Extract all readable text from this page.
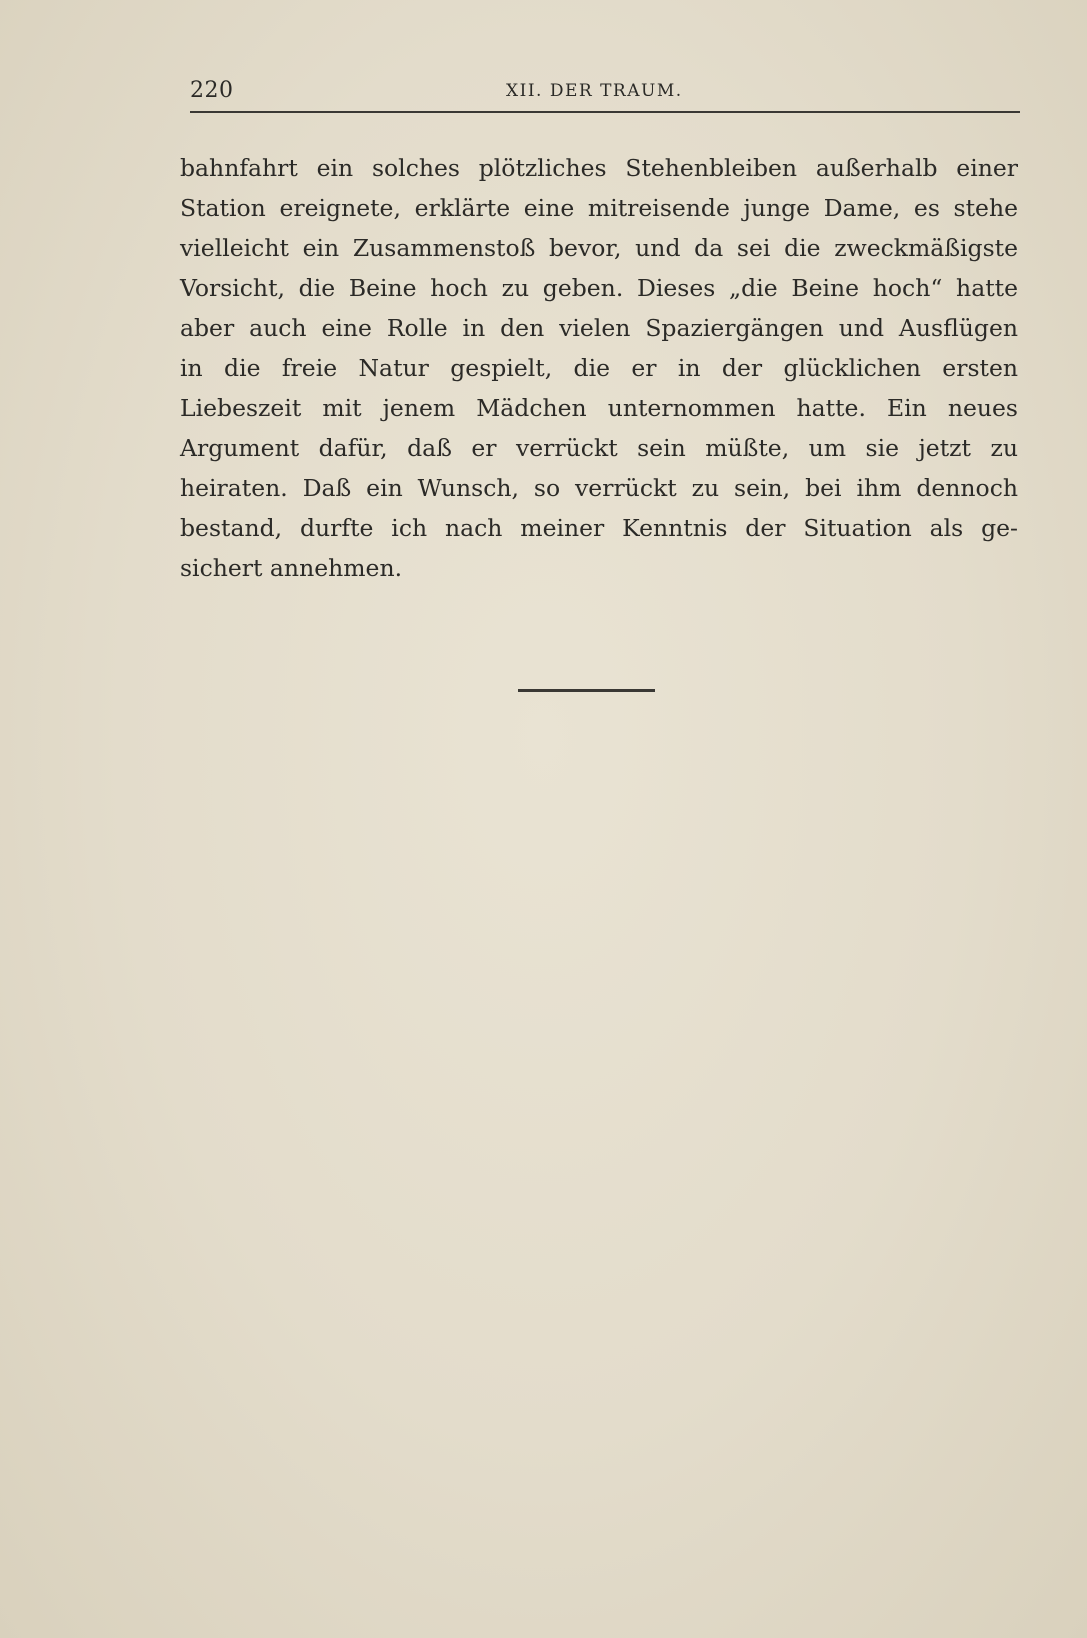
220	XII. DER TRAUM.
bahnfahrt ein solches plötzliches Stehenbleiben außerhalb einer
Station ereignete, erklärte eine mitreisende junge Dame, es stehe
vielleicht ein Zusammenstoß bevor, und da sei die zweckmäßigste
Vorsicht, die Beine hoch zu geben. Dieses „die Beine hoch“ hatte
aber auch eine Rolle in den vielen Spaziergängen und Ausflügen
in die freie Natur gespielt, die er in der glücklichen ersten
Liebeszeit mit jenem Mädchen unternommen hatte. Ein neues
Argument dafür, daß er verrückt sein müßte, um sie jetzt zu
heiraten. Daß ein Wunsch, so verrückt zu sein, bei ihm dennoch
bestand, durfte ich nach meiner Kenntnis der Situation als ge-
sichert annehmen.
